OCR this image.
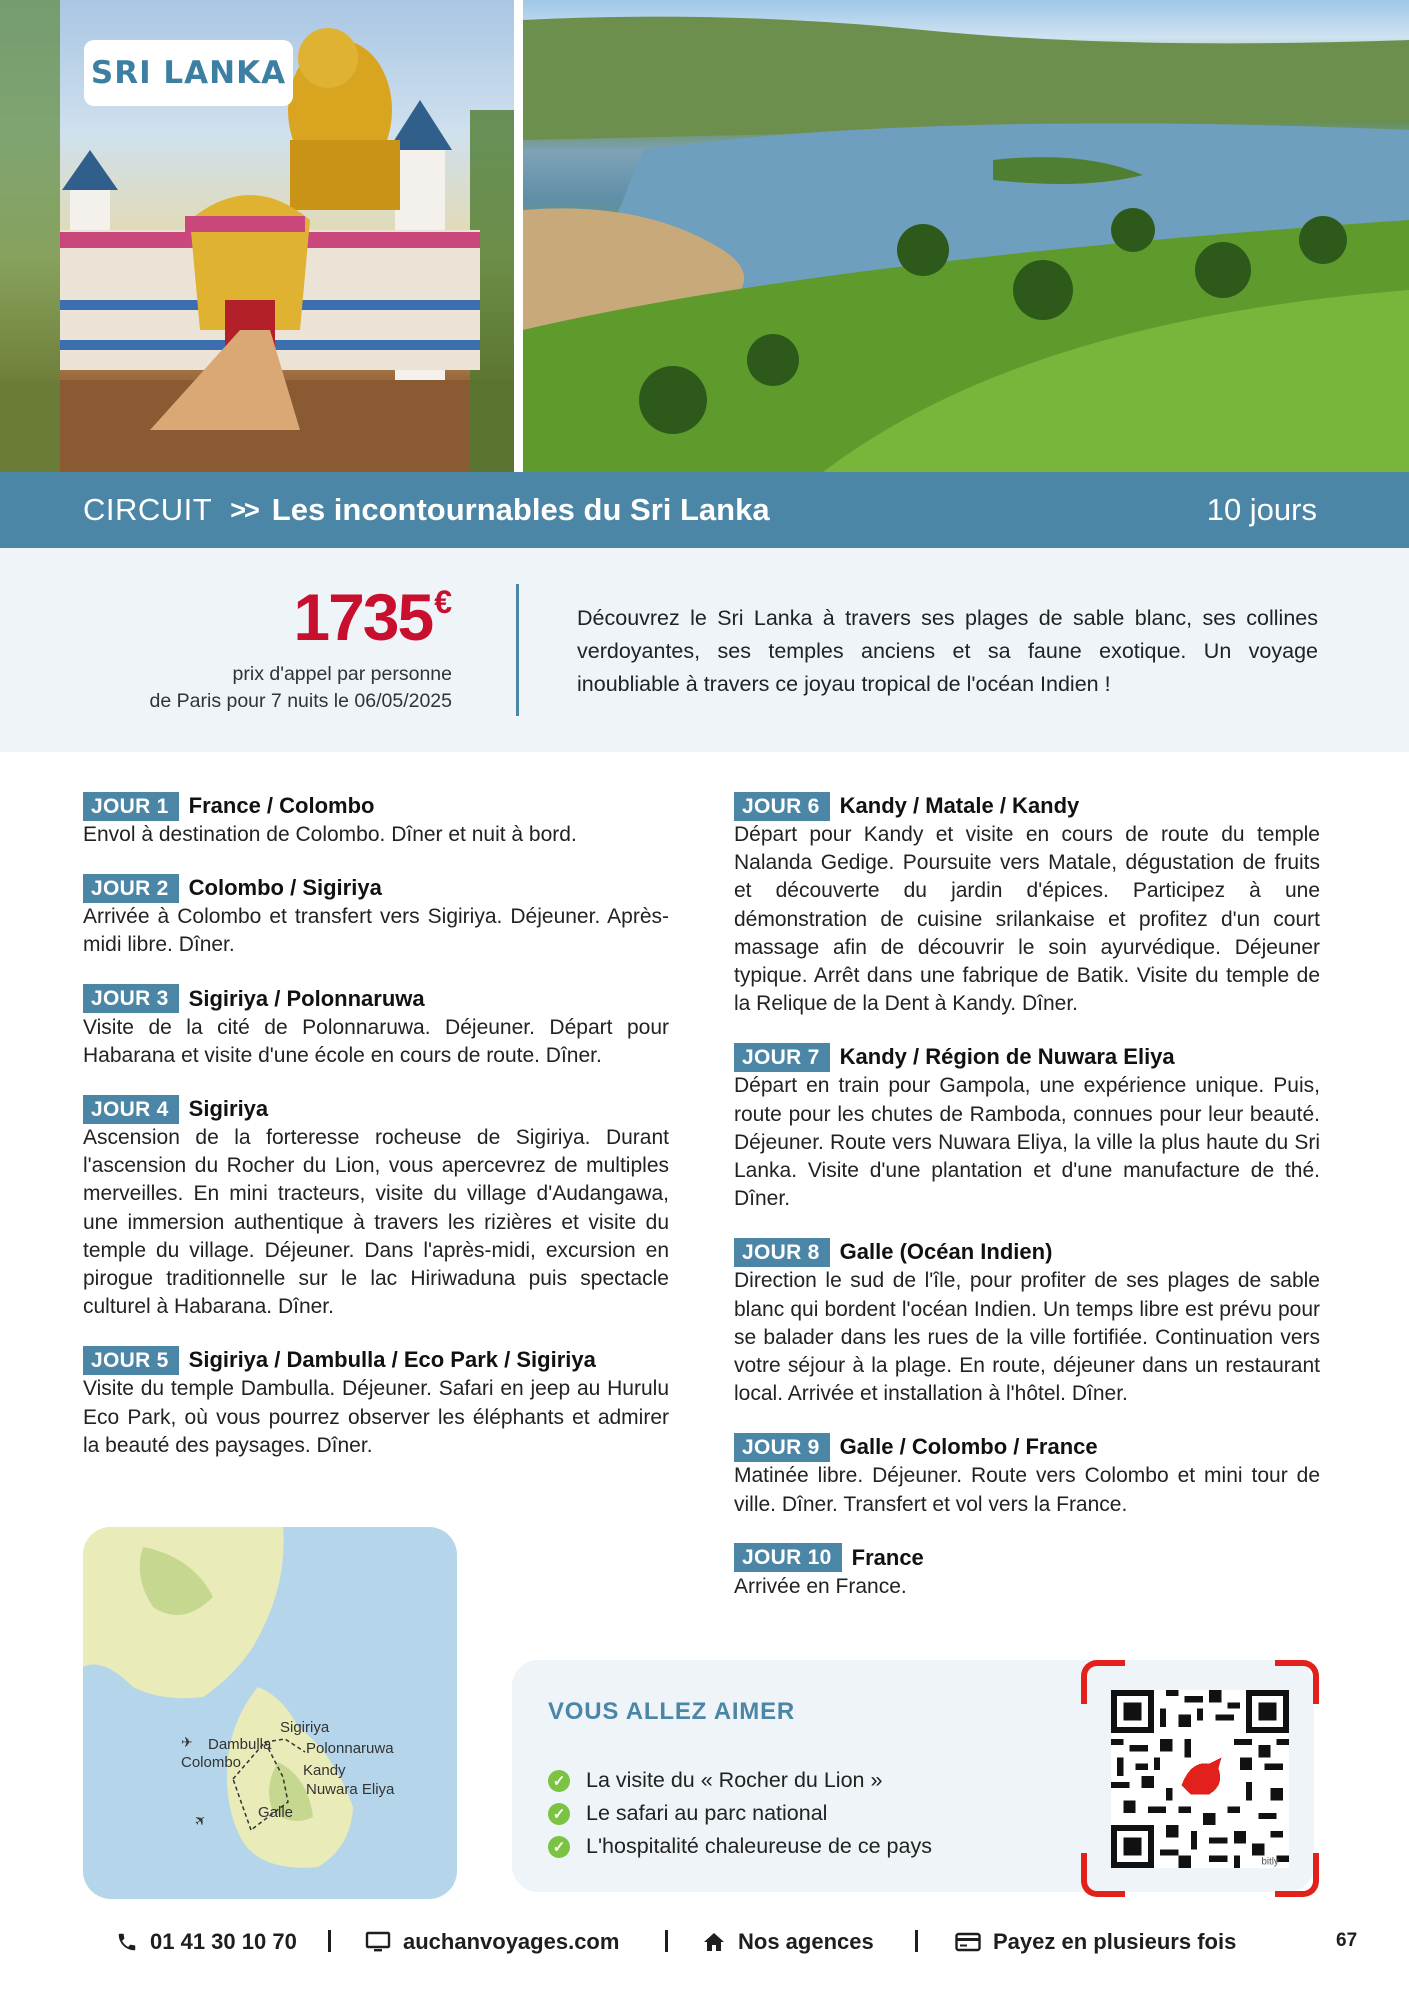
SRI LANKA
CIRCUIT >> Les incontournables du Sri Lanka	10 jours
1735€
prix d'appel par personne
de Paris pour 7 nuits le 06/05/2025

Découvrez le Sri Lanka à travers ses plages de sable blanc, ses collines verdoyantes, ses temples anciens et sa faune exotique. Un voyage inoubliable à travers ce joyau tropical de l'océan Indien !

JOUR 1 France / Colombo

Envol à destination de Colombo. Dîner et nuit à bord.

JOUR 2 Colombo / Sigiriya

Arrivée à Colombo et transfert vers Sigiriya. Déjeuner. Après-midi libre. Dîner.

JOUR 3 Sigiriya / Polonnaruwa

Visite de la cité de Polonnaruwa. Déjeuner. Départ pour Habarana et visite d'une école en cours de route. Dîner.

JOUR 4 Sigiriya

Ascension de la forteresse rocheuse de Sigiriya. Durant l'ascension du Rocher du Lion, vous apercevrez de multiples merveilles. En mini tracteurs, visite du village d'Audangawa, une immersion authentique à travers les rizières et visite du temple du village. Déjeuner. Dans l'après-midi, excursion en pirogue traditionnelle sur le lac Hiriwaduna puis spectacle culturel à Habarana. Dîner.

JOUR 5 Sigiriya / Dambulla / Eco Park / Sigiriya

Visite du temple Dambulla. Déjeuner. Safari en jeep au Hurulu Eco Park, où vous pourrez observer les éléphants et admirer la beauté des paysages. Dîner.

JOUR 6 Kandy / Matale / Kandy

Départ pour Kandy et visite en cours de route du temple Nalanda Gedige. Poursuite vers Matale, dégustation de fruits et découverte du jardin d'épices. Participez à une démonstration de cuisine srilankaise et profitez d'un court massage afin de découvrir le soin ayurvédique. Déjeuner typique. Arrêt dans une fabrique de Batik. Visite du temple de la Relique de la Dent à Kandy. Dîner.

JOUR 7 Kandy / Région de Nuwara Eliya

Départ en train pour Gampola, une expérience unique. Puis, route pour les chutes de Ramboda, connues pour leur beauté. Déjeuner. Route vers Nuwara Eliya, la ville la plus haute du Sri Lanka. Visite d'une plantation et d'une manufacture de thé. Dîner.

JOUR 8 Galle (Océan Indien)

Direction le sud de l'île, pour profiter de ses plages de sable blanc qui bordent l'océan Indien. Un temps libre est prévu pour se balader dans les rues de la ville fortifiée. Continuation vers votre séjour à la plage. En route, déjeuner dans un restaurant local. Arrivée et installation à l'hôtel. Dîner.

JOUR 9 Galle / Colombo / France

Matinée libre. Déjeuner. Route vers Colombo et mini tour de ville. Dîner. Transfert et vol vers la France.

JOUR 10 France

Arrivée en France.

✈
✈
Sigiriya
Dambulla Polonnaruwa
Colombo	Kandy
Nuwara Eliya
Galle
VOUS ALLEZ AIMER
✓ La visite du « Rocher du Lion »
✓ Le safari au parc national
✓ L'hospitalité chaleureuse de ce pays
bitly
01 41 30 10 70	auchanvoyages.com	Nos agences	Payez en plusieurs fois	67
